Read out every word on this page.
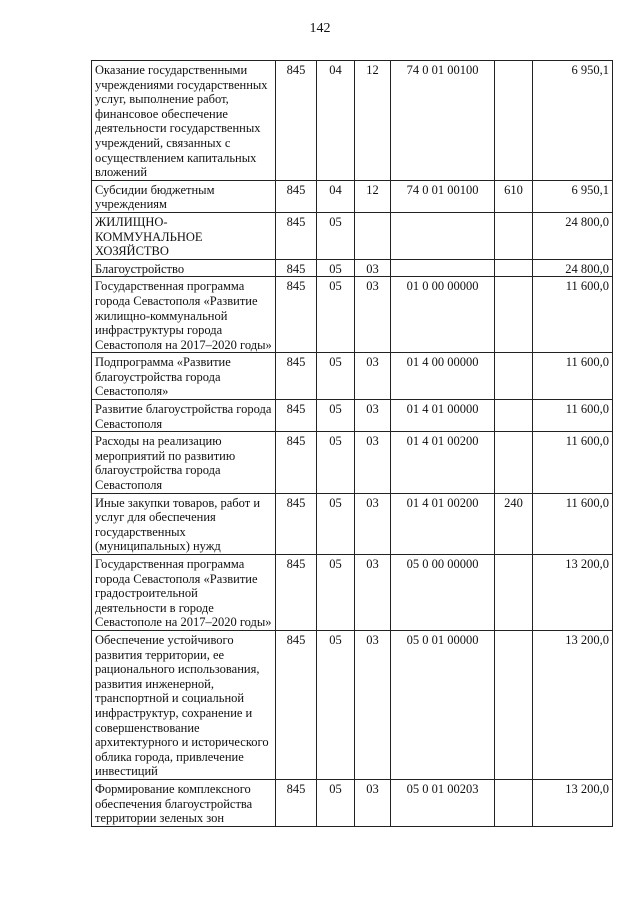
142
Оказание государственными учреждениями государственных услуг, выполнение работ, финансовое обеспечение деятельности государственных учреждений, связанных с осуществлением капитальных вложений	845	04	12	74 0 01 00100		6 950,1
Субсидии бюджетным учреждениям	845	04	12	74 0 01 00100	610	6 950,1
ЖИЛИЩНО-КОММУНАЛЬНОЕ ХОЗЯЙСТВО	845	05				24 800,0
Благоустройство	845	05	03			24 800,0
Государственная программа города Севастополя «Развитие жилищно-коммунальной инфраструктуры города Севастополя на 2017–2020 годы»	845	05	03	01 0 00 00000		11 600,0
Подпрограмма «Развитие благоустройства города Севастополя»	845	05	03	01 4 00 00000		11 600,0
Развитие благоустройства города Севастополя	845	05	03	01 4 01 00000		11 600,0
Расходы на реализацию мероприятий по развитию благоустройства города Севастополя	845	05	03	01 4 01 00200		11 600,0
Иные закупки товаров, работ и услуг для обеспечения государственных (муниципальных) нужд	845	05	03	01 4 01 00200	240	11 600,0
Государственная программа города Севастополя «Развитие градостроительной деятельности в городе Севастополе на 2017–2020 годы»	845	05	03	05 0 00 00000		13 200,0
Обеспечение устойчивого развития территории, ее рационального использования, развития инженерной, транспортной и социальной инфраструктур, сохранение и совершенствование архитектурного и исторического облика города, привлечение инвестиций	845	05	03	05 0 01 00000		13 200,0
Формирование комплексного обеспечения благоустройства территории зеленых зон	845	05	03	05 0 01 00203		13 200,0
